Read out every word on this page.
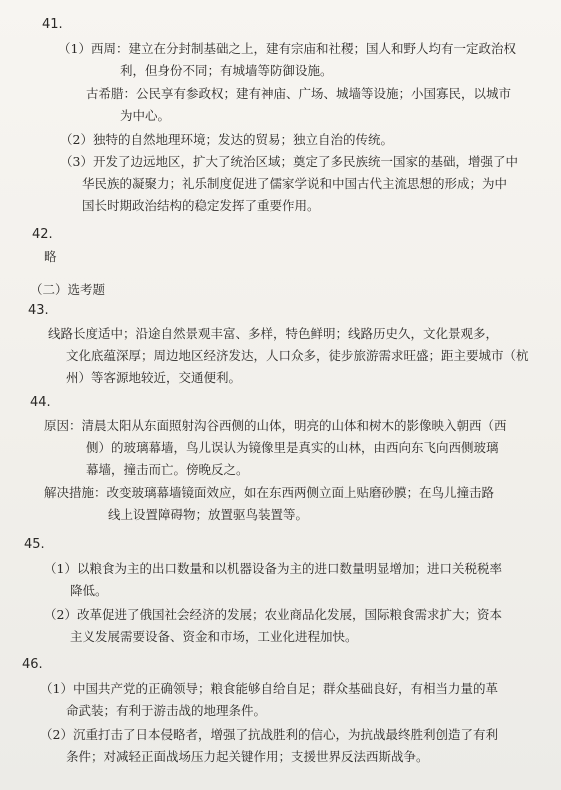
41.
（1）西周：建立在分封制基础之上，建有宗庙和社稷；国人和野人均有一定政治权
利，但身份不同；有城墙等防御设施。
古希腊：公民享有参政权；建有神庙、广场、城墙等设施；小国寡民，以城市
为中心。
（2）独特的自然地理环境；发达的贸易；独立自治的传统。
（3）开发了边远地区，扩大了统治区域；奠定了多民族统一国家的基础，增强了中
华民族的凝聚力；礼乐制度促进了儒家学说和中国古代主流思想的形成；为中
国长时期政治结构的稳定发挥了重要作用。
42.
略
（二）选考题
43.
线路长度适中；沿途自然景观丰富、多样，特色鲜明；线路历史久，文化景观多，
文化底蕴深厚；周边地区经济发达，人口众多，徒步旅游需求旺盛；距主要城市（杭
州）等客源地较近，交通便利。
44.
原因：清晨太阳从东面照射沟谷西侧的山体，明亮的山体和树木的影像映入朝西（西
侧）的玻璃幕墙，鸟儿误认为镜像里是真实的山林，由西向东飞向西侧玻璃
幕墙，撞击而亡。傍晚反之。
解决措施：改变玻璃幕墙镜面效应，如在东西两侧立面上贴磨砂膜；在鸟儿撞击路
线上设置障碍物；放置驱鸟装置等。
45.
（1）以粮食为主的出口数量和以机器设备为主的进口数量明显增加；进口关税税率
降低。
（2）改革促进了俄国社会经济的发展；农业商品化发展，国际粮食需求扩大；资本
主义发展需要设备、资金和市场，工业化进程加快。
46.
（1）中国共产党的正确领导；粮食能够自给自足；群众基础良好，有相当力量的革
命武装；有利于游击战的地理条件。
（2）沉重打击了日本侵略者，增强了抗战胜利的信心，为抗战最终胜利创造了有利
条件；对减轻正面战场压力起关键作用；支援世界反法西斯战争。
